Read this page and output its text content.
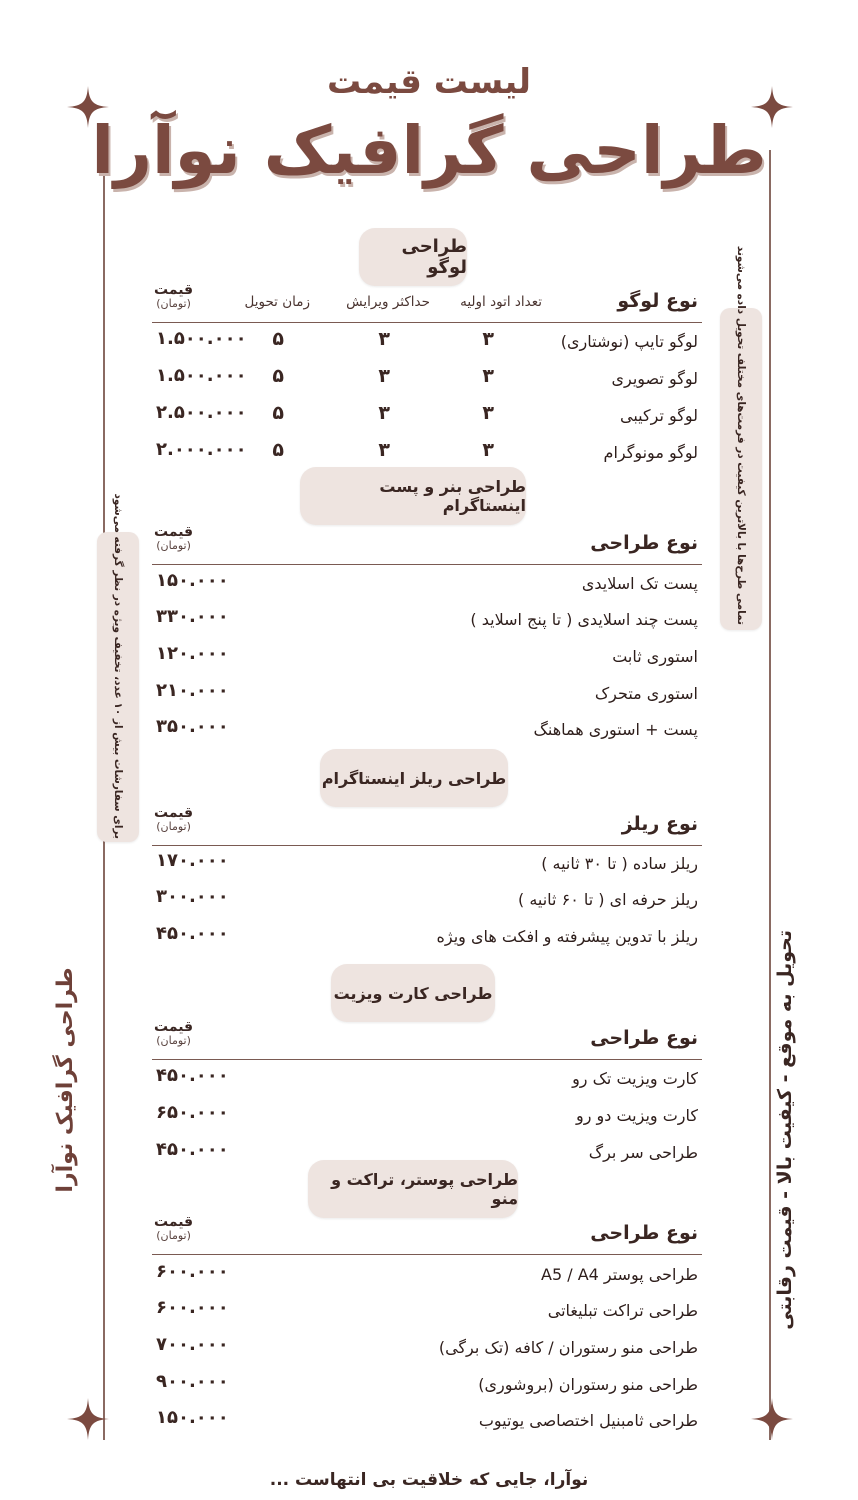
لیست قیمت
طراحی گرافیک نوآرا
طراحی لوگو
نوع لوگو
تعداد اتود اولیه
حداکثر ویرایش
زمان تحویل
قیمت
(تومان)
لوگو تایپ (نوشتاری)
۳
۳
۵
۱.۵۰۰.۰۰۰
لوگو تصویری
۳
۳
۵
۱.۵۰۰.۰۰۰
لوگو ترکیبی
۳
۳
۵
۲.۵۰۰.۰۰۰
لوگو مونوگرام
۳
۳
۵
۲.۰۰۰.۰۰۰
طراحی بنر و پست اینستاگرام
نوع طراحی
قیمت
(تومان)
پست تک اسلایدی
۱۵۰.۰۰۰
پست چند اسلایدی ( تا پنج اسلاید )
۳۳۰.۰۰۰
استوری ثابت
۱۲۰.۰۰۰
استوری متحرک
۲۱۰.۰۰۰
پست + استوری هماهنگ
۳۵۰.۰۰۰
طراحی ریلز اینستاگرام
نوع ریلز
قیمت
(تومان)
ریلز ساده ( تا ۳۰ ثانیه )
۱۷۰.۰۰۰
ریلز حرفه ای ( تا ۶۰ ثانیه )
۳۰۰.۰۰۰
ریلز با تدوین پیشرفته و افکت های ویژه
۴۵۰.۰۰۰
طراحی کارت ویزیت
نوع طراحی
قیمت
(تومان)
کارت ویزیت تک رو
۴۵۰.۰۰۰
کارت ویزیت دو رو
۶۵۰.۰۰۰
طراحی سر برگ
۴۵۰.۰۰۰
طراحی پوستر، تراکت و منو
نوع طراحی
قیمت
(تومان)
طراحی پوستر A5 / A4
۶۰۰.۰۰۰
طراحی تراکت تبلیغاتی
۶۰۰.۰۰۰
طراحی منو رستوران / کافه (تک برگی)
۷۰۰.۰۰۰
طراحی منو رستوران (بروشوری)
۹۰۰.۰۰۰
طراحی ثامبنیل اختصاصی یوتیوب
۱۵۰.۰۰۰
تمامی طرح‌ها با بالاترین کیفیت در فرمت‌های مختلف تحویل داده می‌شوند
برای سفارشات بیش از ۱۰ عدد، تخفیف ویژه در نظر گرفته می‌شود
طراحی گرافیک نوآرا	تحویل به موقع - کیفیت بالا - قیمت رقابتی
نوآرا، جایی که خلاقیت بی انتهاست ...
